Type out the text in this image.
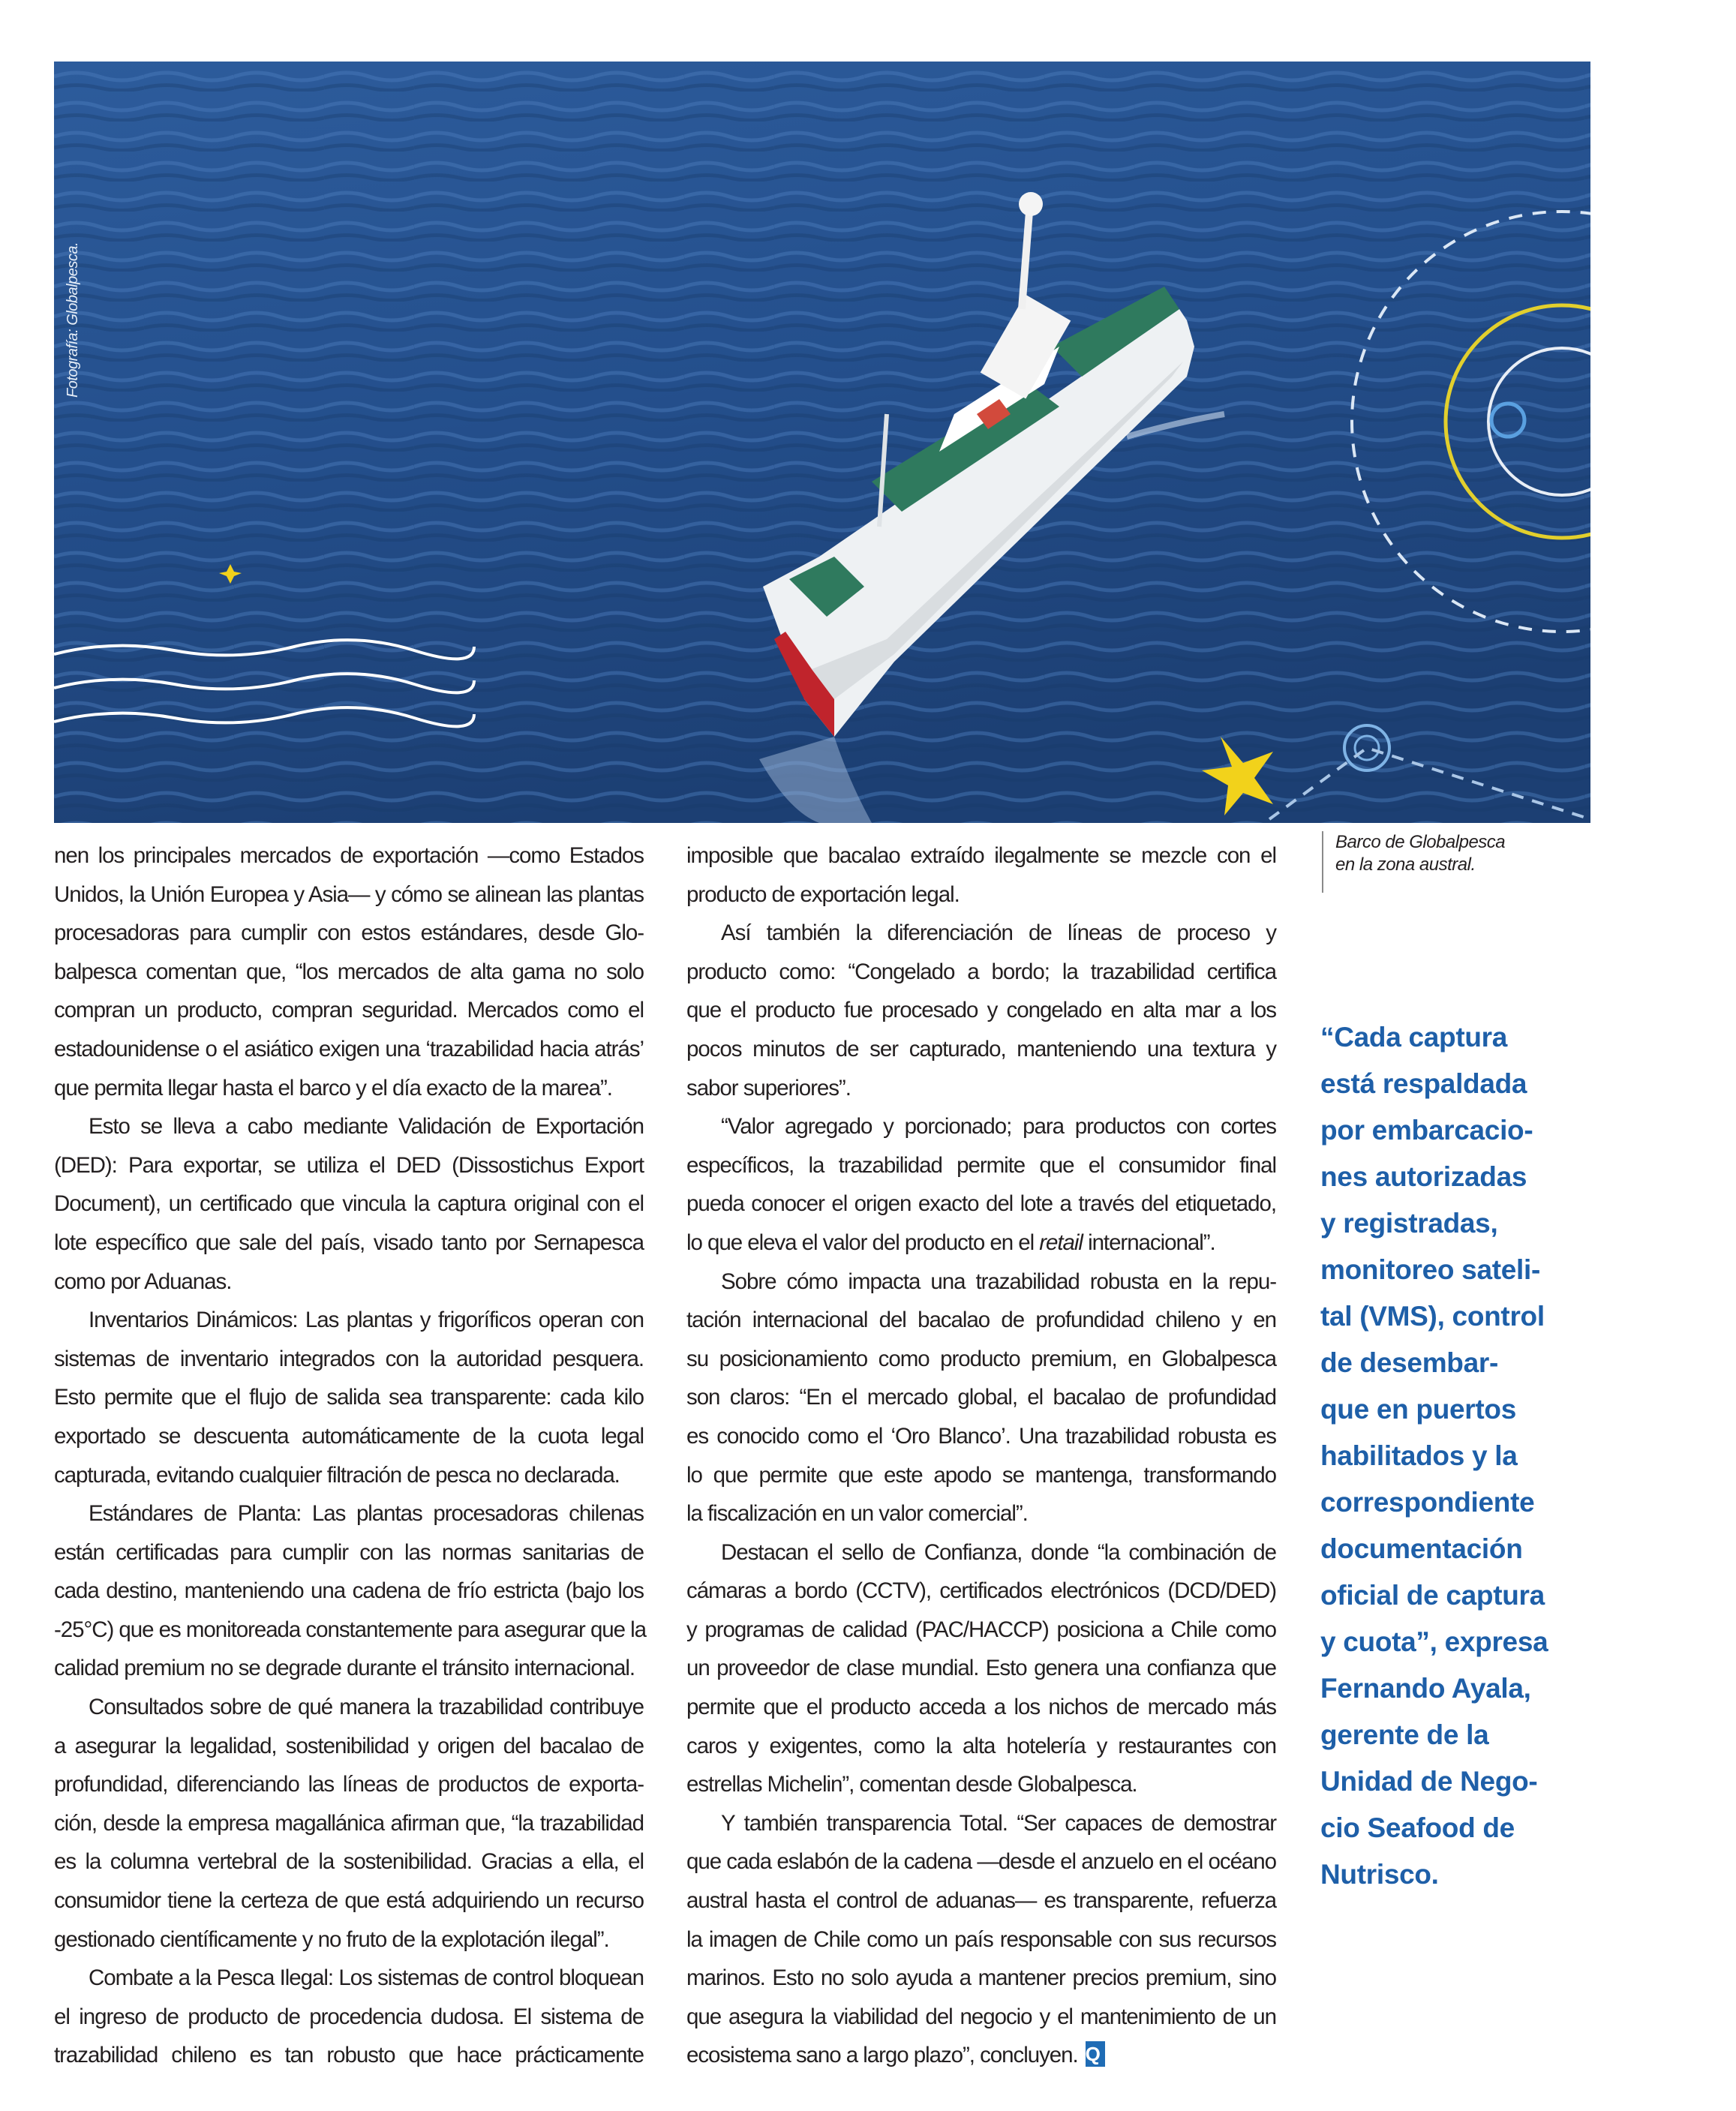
Fotografía: Globalpesca.
nen los principales mercados de exportación —como Estados
Unidos, la Unión Europea y Asia— y cómo se alinean las plantas
procesadoras para cumplir con estos estándares, desde Glo-
balpesca comentan que, “los mercados de alta gama no solo
compran un producto, compran seguridad. Mercados como el
estadounidense o el asiático exigen una ‘trazabilidad hacia atrás’
que permita llegar hasta el barco y el día exacto de la marea”.
Esto se lleva a cabo mediante Validación de Exportación
(DED): Para exportar, se utiliza el DED (Dissostichus Export
Document), un certificado que vincula la captura original con el
lote específico que sale del país, visado tanto por Sernapesca
como por Aduanas.
Inventarios Dinámicos: Las plantas y frigoríficos operan con
sistemas de inventario integrados con la autoridad pesquera.
Esto permite que el flujo de salida sea transparente: cada kilo
exportado se descuenta automáticamente de la cuota legal
capturada, evitando cualquier filtración de pesca no declarada.
Estándares de Planta: Las plantas procesadoras chilenas
están certificadas para cumplir con las normas sanitarias de
cada destino, manteniendo una cadena de frío estricta (bajo los
-25°C) que es monitoreada constantemente para asegurar que la
calidad premium no se degrade durante el tránsito internacional.
Consultados sobre de qué manera la trazabilidad contribuye
a asegurar la legalidad, sostenibilidad y origen del bacalao de
profundidad, diferenciando las líneas de productos de exporta-
ción, desde la empresa magallánica afirman que, “la trazabilidad
es la columna vertebral de la sostenibilidad. Gracias a ella, el
consumidor tiene la certeza de que está adquiriendo un recurso
gestionado científicamente y no fruto de la explotación ilegal”.
Combate a la Pesca Ilegal: Los sistemas de control bloquean
el ingreso de producto de procedencia dudosa. El sistema de
trazabilidad chileno es tan robusto que hace prácticamente
imposible que bacalao extraído ilegalmente se mezcle con el
producto de exportación legal.
Así también la diferenciación de líneas de proceso y
producto como: “Congelado a bordo; la trazabilidad certifica
que el producto fue procesado y congelado en alta mar a los
pocos minutos de ser capturado, manteniendo una textura y
sabor superiores”.
“Valor agregado y porcionado; para productos con cortes
específicos, la trazabilidad permite que el consumidor final
pueda conocer el origen exacto del lote a través del etiquetado,
lo que eleva el valor del producto en el retail internacional”.
Sobre cómo impacta una trazabilidad robusta en la repu-
tación internacional del bacalao de profundidad chileno y en
su posicionamiento como producto premium, en Globalpesca
son claros: “En el mercado global, el bacalao de profundidad
es conocido como el ‘Oro Blanco’. Una trazabilidad robusta es
lo que permite que este apodo se mantenga, transformando
la fiscalización en un valor comercial”.
Destacan el sello de Confianza, donde “la combinación de
cámaras a bordo (CCTV), certificados electrónicos (DCD/DED)
y programas de calidad (PAC/HACCP) posiciona a Chile como
un proveedor de clase mundial. Esto genera una confianza que
permite que el producto acceda a los nichos de mercado más
caros y exigentes, como la alta hotelería y restaurantes con
estrellas Michelin”, comentan desde Globalpesca.
Y también transparencia Total. “Ser capaces de demostrar
que cada eslabón de la cadena —desde el anzuelo en el océano
austral hasta el control de aduanas— es transparente, refuerza
la imagen de Chile como un país responsable con sus recursos
marinos. Esto no solo ayuda a mantener precios premium, sino
que asegura la viabilidad del negocio y el mantenimiento de un
ecosistema sano a largo plazo”, concluyen. Q
Barco de Globalpesca
en la zona austral.
“Cada captura
está respaldada
por embarcacio-
nes autorizadas
y registradas,
monitoreo sateli-
tal (VMS), control
de desembar-
que en puertos
habilitados y la
correspondiente
documentación
oficial de captura
y cuota”, expresa
Fernando Ayala,
gerente de la
Unidad de Nego-
cio Seafood de
Nutrisco.
